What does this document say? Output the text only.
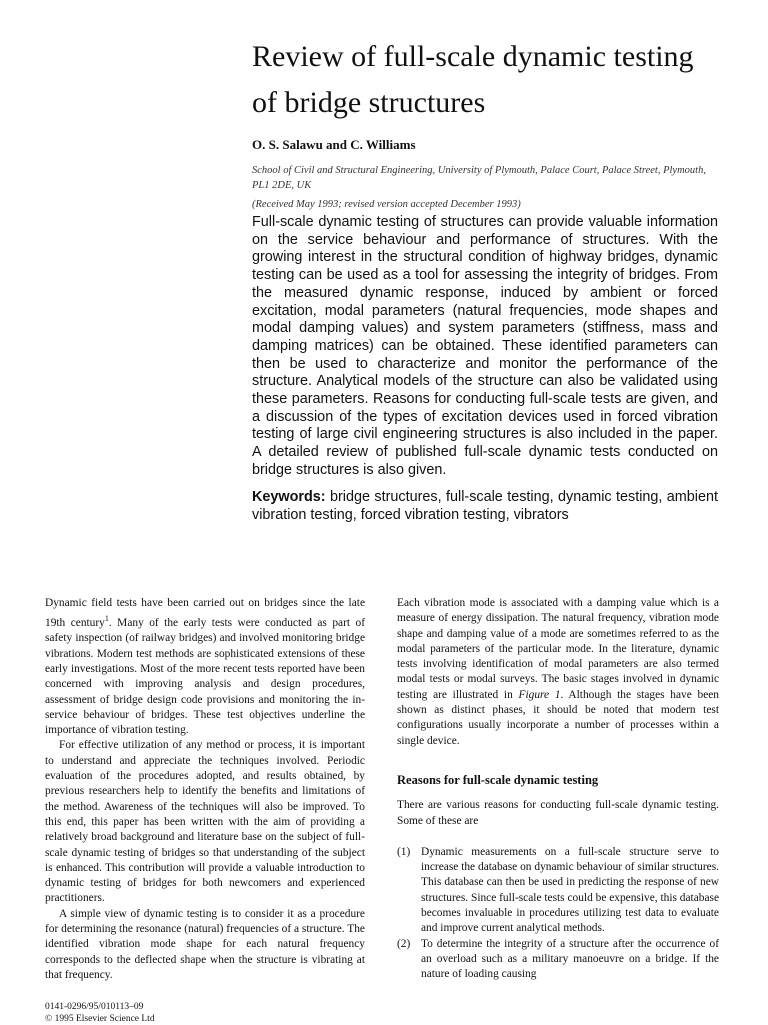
Review of full-scale dynamic testing
of bridge structures
O. S. Salawu and C. Williams
School of Civil and Structural Engineering, University of Plymouth, Palace Court, Palace Street, Plymouth, PL1 2DE, UK
(Received May 1993; revised version accepted December 1993)
Full-scale dynamic testing of structures can provide valuable information on the service behaviour and performance of structures. With the growing interest in the structural condition of highway bridges, dynamic testing can be used as a tool for assessing the integrity of bridges. From the measured dynamic response, induced by ambient or forced excitation, modal parameters (natural frequencies, mode shapes and modal damping values) and system parameters (stiffness, mass and damping matrices) can be obtained. These identified parameters can then be used to characterize and monitor the performance of the structure. Analytical models of the structure can also be validated using these parameters. Reasons for conducting full-scale tests are given, and a discussion of the types of excitation devices used in forced vibration testing of large civil engineering structures is also included in the paper. A detailed review of published full-scale dynamic tests conducted on bridge structures is also given.
Keywords: bridge structures, full-scale testing, dynamic testing, ambient vibration testing, forced vibration testing, vibrators

Dynamic field tests have been carried out on bridges since the late 19th century$^1$. Many of the early tests were conducted as part of safety inspection (of railway bridges) and involved monitoring bridge vibrations. Modern test methods are sophisticated extensions of these early investigations. Most of the more recent tests reported have been concerned with improving analysis and design procedures, assessment of bridge design code provisions and monitoring the in-service behaviour of bridges. These test objectives underline the importance of vibration testing.

For effective utilization of any method or process, it is important to understand and appreciate the techniques involved. Periodic evaluation of the procedures adopted, and results obtained, by previous researchers help to identify the benefits and limitations of the method. Awareness of the techniques will also be improved. To this end, this paper has been written with the aim of providing a relatively broad background and literature base on the subject of full-scale dynamic testing of bridges so that understanding of the subject is enhanced. This contribution will provide a valuable introduction to dynamic testing of bridges for both newcomers and experienced practitioners.

A simple view of dynamic testing is to consider it as a procedure for determining the resonance (natural) frequencies of a structure. The identified vibration mode shape for each natural frequency corresponds to the deflected shape when the structure is vibrating at that frequency.

Each vibration mode is associated with a damping value which is a measure of energy dissipation. The natural frequency, vibration mode shape and damping value of a mode are sometimes referred to as the modal parameters of the particular mode. In the literature, dynamic tests involving identification of modal parameters are also termed modal tests or modal surveys. The basic stages involved in dynamic testing are illustrated in Figure 1. Although the stages have been shown as distinct phases, it should be noted that modern test configurations usually incorporate a number of processes within a single device.

Reasons for full-scale dynamic testing

There are various reasons for conducting full-scale dynamic testing. Some of these are

(1) Dynamic measurements on a full-scale structure serve to increase the database on dynamic behaviour of similar structures. This database can then be used in predicting the response of new structures. Since full-scale tests could be expensive, this database becomes invaluable in procedures utilizing test data to evaluate and improve current analytical methods.
(2) To determine the integrity of a structure after the occurrence of an overload such as a military manoeuvre on a bridge. If the nature of loading causing
0141-0296/95/010113–09
© 1995 Elsevier Science Ltd
